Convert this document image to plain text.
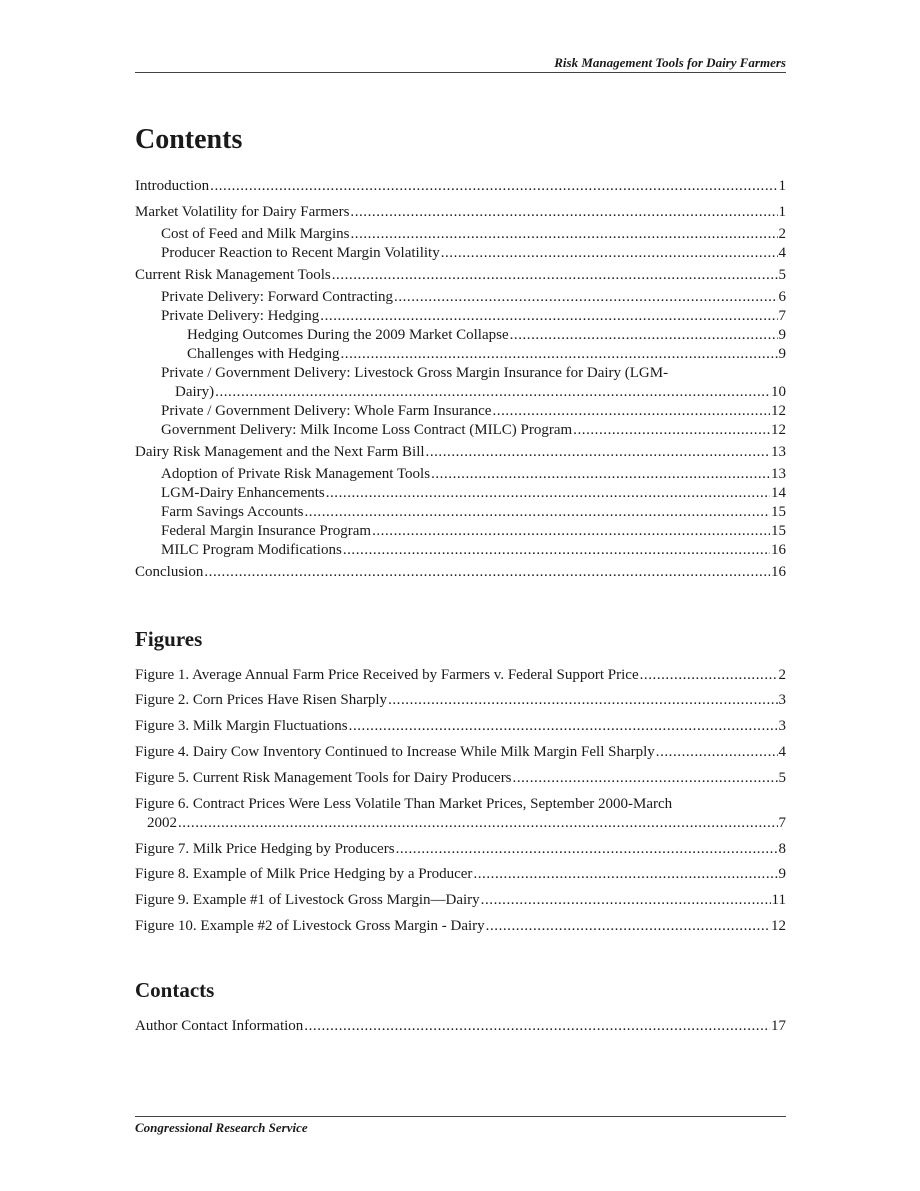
Risk Management Tools for Dairy Farmers
Contents
Introduction . . .	1
Market Volatility for Dairy Farmers . . .	1
Cost of Feed and Milk Margins . . .	2
Producer Reaction to Recent Margin Volatility . . .	4
Current Risk Management Tools . . .	5
Private Delivery: Forward Contracting . . .	6
Private Delivery: Hedging . . .	7
Hedging Outcomes During the 2009 Market Collapse . . .	9
Challenges with Hedging . . .	9
Private / Government Delivery: Livestock Gross Margin Insurance for Dairy (LGM-
Dairy) . . .	10
Private / Government Delivery: Whole Farm Insurance . . .	12
Government Delivery: Milk Income Loss Contract (MILC) Program . . .	12
Dairy Risk Management and the Next Farm Bill . . .	13
Adoption of Private Risk Management Tools . . .	13
LGM-Dairy Enhancements . . .	14
Farm Savings Accounts . . .	15
Federal Margin Insurance Program . . .	15
MILC Program Modifications . . .	16
Conclusion . . .	16
Figures
Figure 1. Average Annual Farm Price Received by Farmers v. Federal Support Price . . .	2
Figure 2. Corn Prices Have Risen Sharply . . .	3
Figure 3. Milk Margin Fluctuations . . .	3
Figure 4. Dairy Cow Inventory Continued to Increase While Milk Margin Fell Sharply . . .	4
Figure 5. Current Risk Management Tools for Dairy Producers . . .	5
Figure 6. Contract Prices Were Less Volatile Than Market Prices, September 2000-March
2002 . . .	7
Figure 7. Milk Price Hedging by Producers . . .	8
Figure 8. Example of Milk Price Hedging by a Producer . . .	9
Figure 9. Example #1 of Livestock Gross Margin—Dairy . . .	11
Figure 10. Example #2 of Livestock Gross Margin - Dairy . . .	12
Contacts
Author Contact Information . . .	17
Congressional Research Service
